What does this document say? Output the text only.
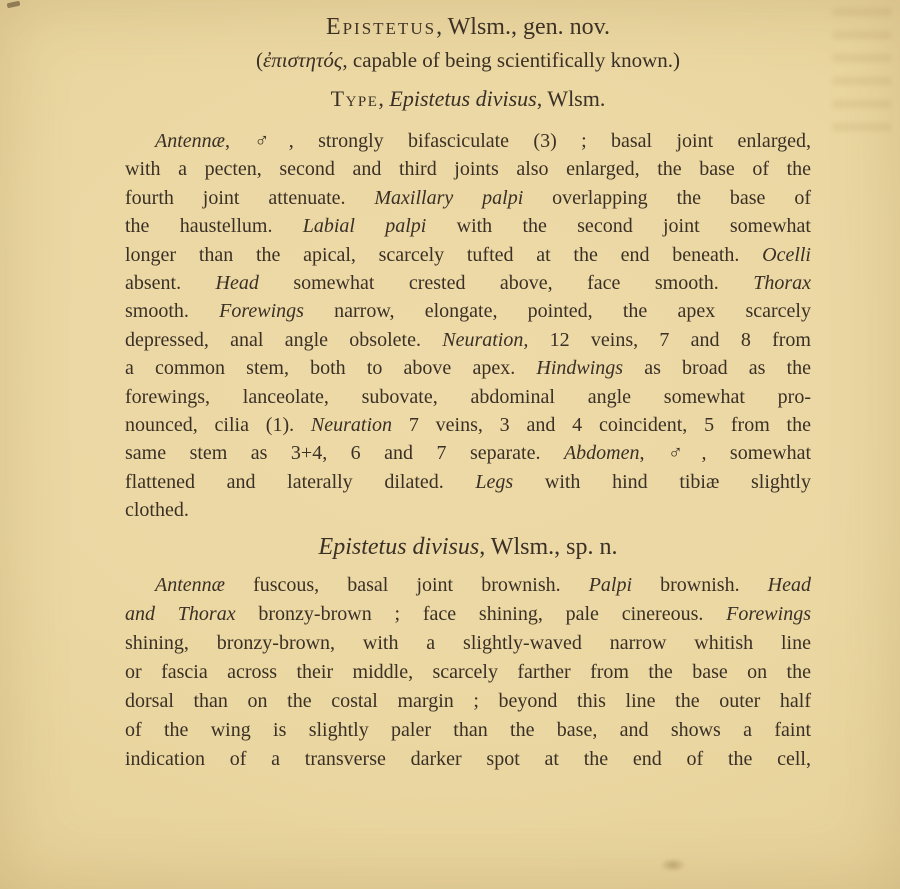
Epistetus, Wlsm., gen. nov.
(ἐπιστητός, capable of being scientifically known.)
Type, Epistetus divisus, Wlsm.
Antennæ, ♂, strongly bifasciculate (3) ; basal joint enlarged,
with a pecten, second and third joints also enlarged, the base of the
fourth joint attenuate. Maxillary palpi overlapping the base of
the haustellum. Labial palpi with the second joint somewhat
longer than the apical, scarcely tufted at the end beneath. Ocelli
absent. Head somewhat crested above, face smooth. Thorax
smooth. Forewings narrow, elongate, pointed, the apex scarcely
depressed, anal angle obsolete. Neuration, 12 veins, 7 and 8 from
a common stem, both to above apex. Hindwings as broad as the
forewings, lanceolate, subovate, abdominal angle somewhat pro-
nounced, cilia (1). Neuration 7 veins, 3 and 4 coincident, 5 from the
same stem as 3+4, 6 and 7 separate. Abdomen, ♂, somewhat
flattened and laterally dilated. Legs with hind tibiæ slightly
clothed.
Epistetus divisus, Wlsm., sp. n.
Antennæ fuscous, basal joint brownish. Palpi brownish. Head
and Thorax bronzy-brown ; face shining, pale cinereous. Forewings
shining, bronzy-brown, with a slightly-waved narrow whitish line
or fascia across their middle, scarcely farther from the base on the
dorsal than on the costal margin ; beyond this line the outer half
of the wing is slightly paler than the base, and shows a faint
indication of a transverse darker spot at the end of the cell,
